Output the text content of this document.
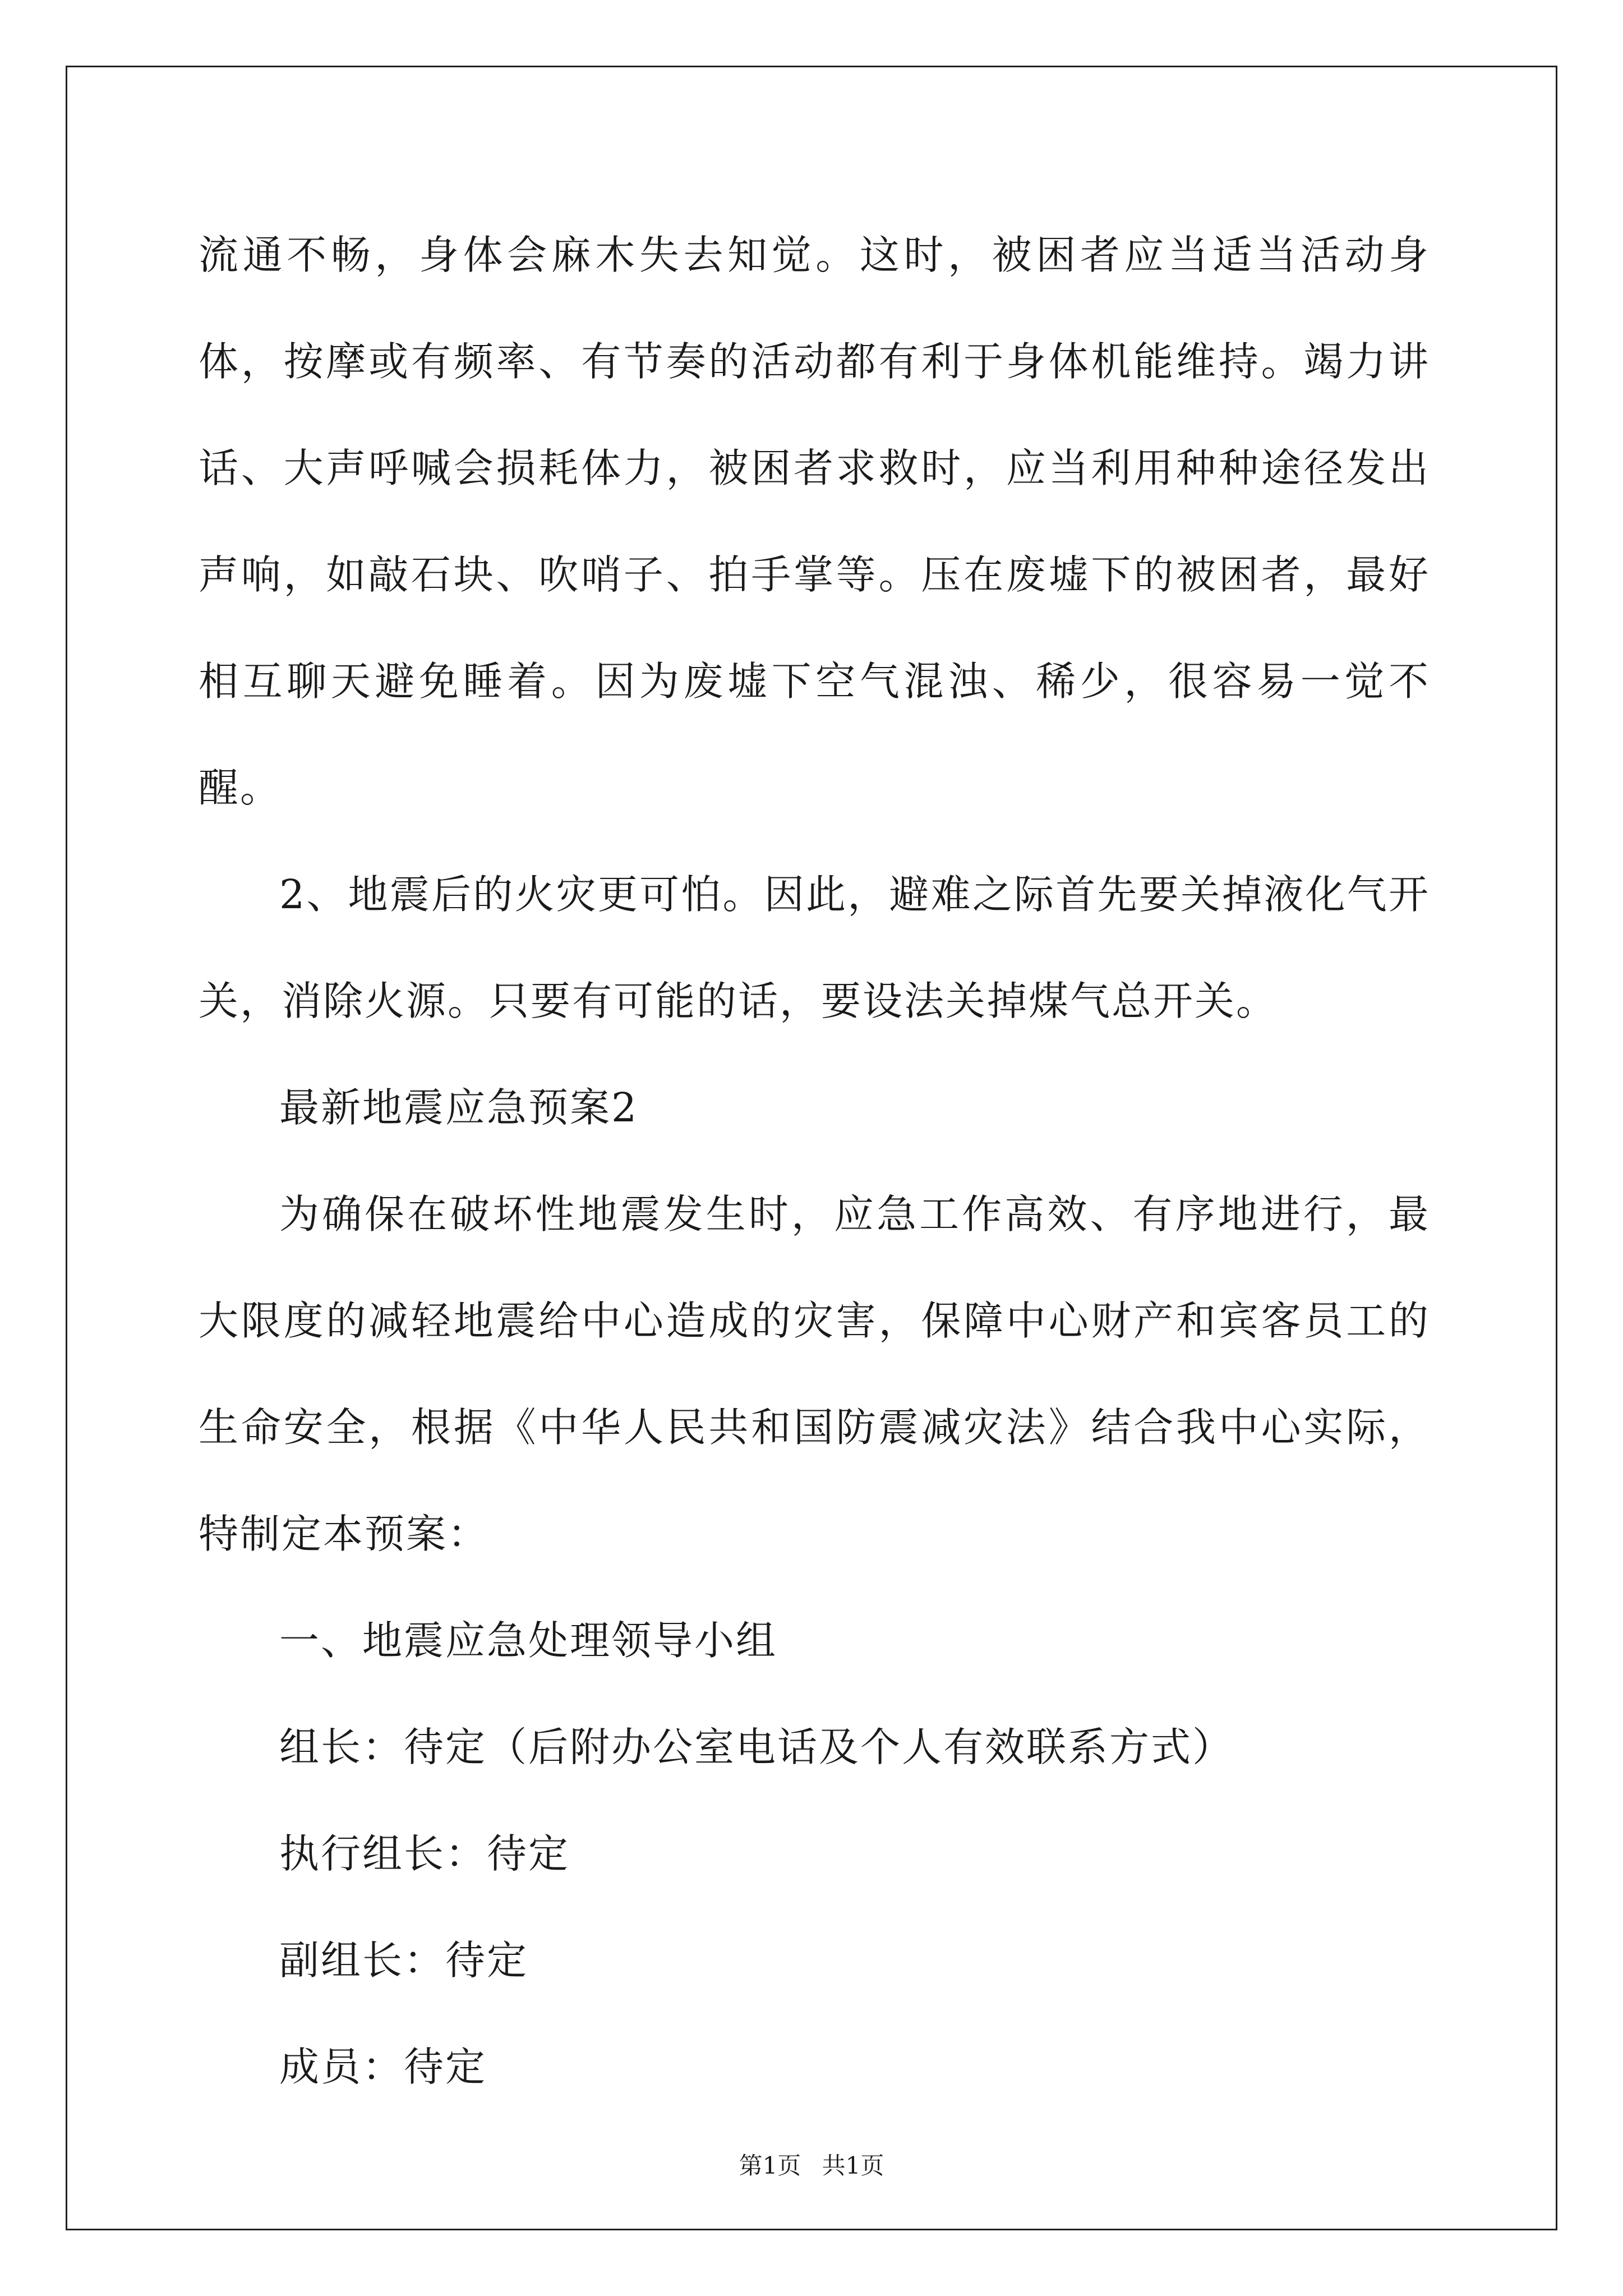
流通不畅，身体会麻木失去知觉。这时，被困者应当适当活动身体，按摩或有频率、有节奏的活动都有利于身体机能维持。竭力讲话、大声呼喊会损耗体力，被困者求救时，应当利用种种途径发出声响，如敲石块、吹哨子、拍手掌等。压在废墟下的被困者，最好相互聊天避免睡着。因为废墟下空气混浊、稀少，很容易一觉不醒。

2、地震后的火灾更可怕。因此，避难之际首先要关掉液化气开关，消除火源。只要有可能的话，要设法关掉煤气总开关。

最新地震应急预案2

为确保在破坏性地震发生时，应急工作高效、有序地进行，最大限度的减轻地震给中心造成的灾害，保障中心财产和宾客员工的生命安全，根据《中华人民共和国防震减灾法》结合我中心实际，特制定本预案：

一、地震应急处理领导小组

组长：待定（后附办公室电话及个人有效联系方式）

执行组长：待定

副组长：待定

成员：待定

第1页 共1页
